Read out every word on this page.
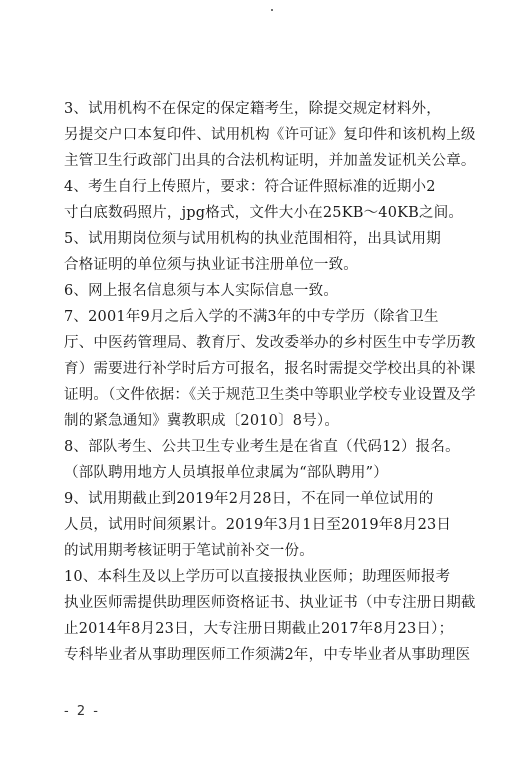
3、试用机构不在保定的保定籍考生，除提交规定材料外，

另提交户口本复印件、试用机构《许可证》复印件和该机构上级

主管卫生行政部门出具的合法机构证明，并加盖发证机关公章。

4、考生自行上传照片，要求：符合证件照标准的近期小2

寸白底数码照片，jpg格式，文件大小在25KB～40KB之间。

5、试用期岗位须与试用机构的执业范围相符，出具试用期

合格证明的单位须与执业证书注册单位一致。

6、网上报名信息须与本人实际信息一致。

7、2001年9月之后入学的不满3年的中专学历（除省卫生

厅、中医药管理局、教育厅、发改委举办的乡村医生中专学历教

育）需要进行补学时后方可报名，报名时需提交学校出具的补课

证明。（文件依据：《关于规范卫生类中等职业学校专业设置及学

制的紧急通知》冀教职成〔2010〕8号）。

8、部队考生、公共卫生专业考生是在省直（代码12）报名。

（部队聘用地方人员填报单位隶属为“部队聘用”）

9、试用期截止到2019年2月28日，不在同一单位试用的

人员，试用时间须累计。2019年3月1日至2019年8月23日

的试用期考核证明于笔试前补交一份。

10、本科生及以上学历可以直接报执业医师；助理医师报考

执业医师需提供助理医师资格证书、执业证书（中专注册日期截

止2014年8月23日，大专注册日期截止2017年8月23日）；

专科毕业者从事助理医师工作须满2年，中专毕业者从事助理医

- 2 -
